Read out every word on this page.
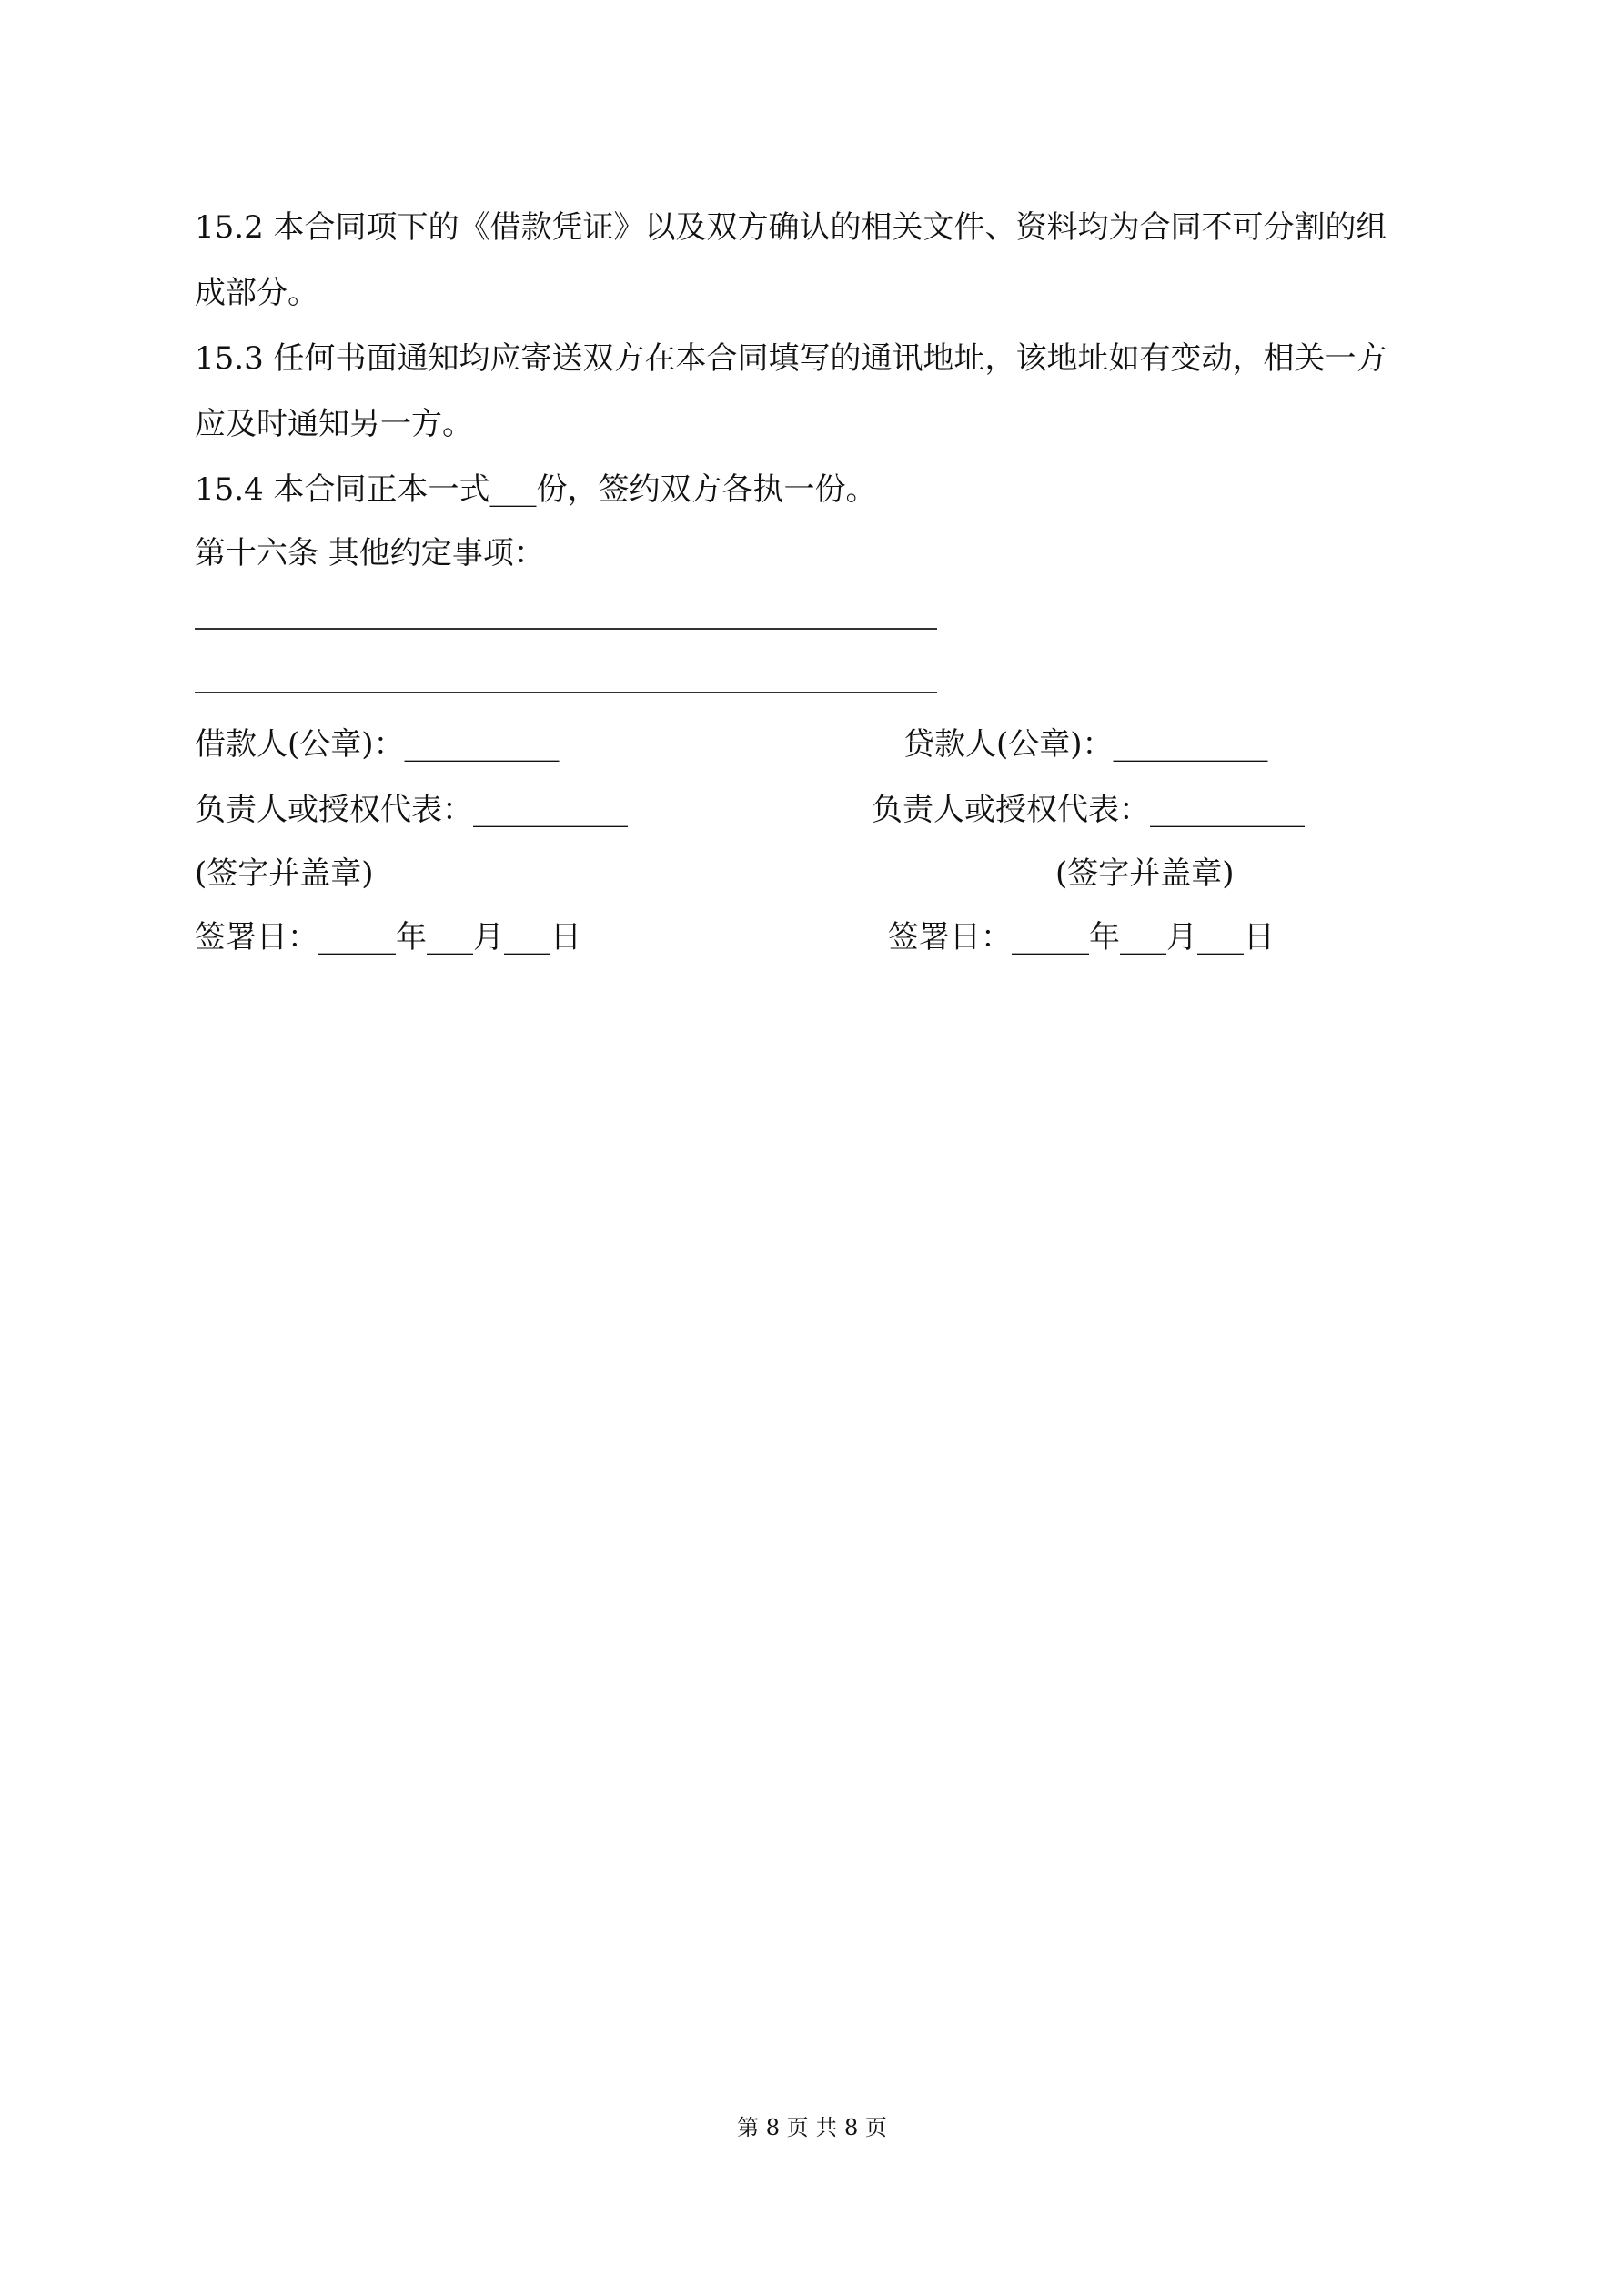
15.2 本合同项下的《借款凭证》以及双方确认的相关文件、资料均为合同不可分割的组
成部分。
15.3 任何书面通知均应寄送双方在本合同填写的通讯地址，该地址如有变动，相关一方
应及时通知另一方。
15.4 本合同正本一式___份，签约双方各执一份。
第十六条 其他约定事项：
借款人(公章)：__________	贷款人(公章)：__________
负责人或授权代表：__________	负责人或授权代表：__________
(签字并盖章)	(签字并盖章)
签署日：_____年___月___日	签署日：_____年___月___日
第 8 页 共 8 页
